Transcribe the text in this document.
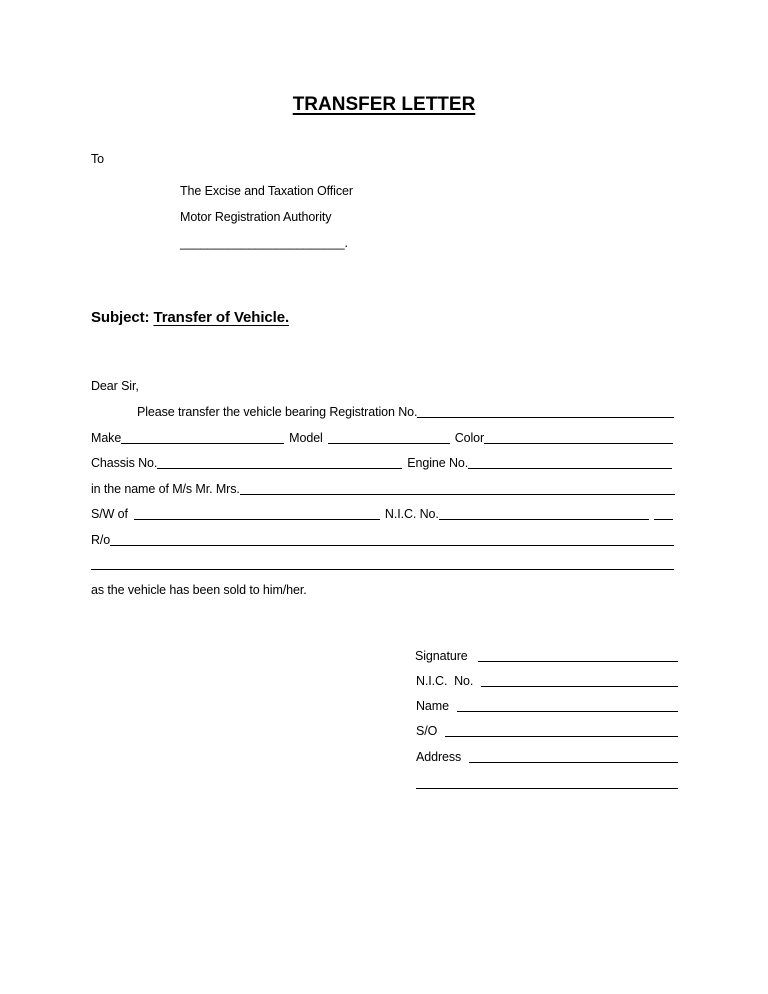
TRANSFER LETTER
To
The Excise and Taxation Officer
Motor Registration Authority
________________________.
Subject: Transfer of Vehicle.
Dear Sir,
Please transfer the vehicle bearing Registration No.
Make	Model	Color
Chassis No.	Engine No.
in the name of M/s Mr. Mrs.
S/W of	N.I.C. No.
R/o
as the vehicle has been sold to him/her.
Signature
N.I.C.  No.
Name
S/O
Address
